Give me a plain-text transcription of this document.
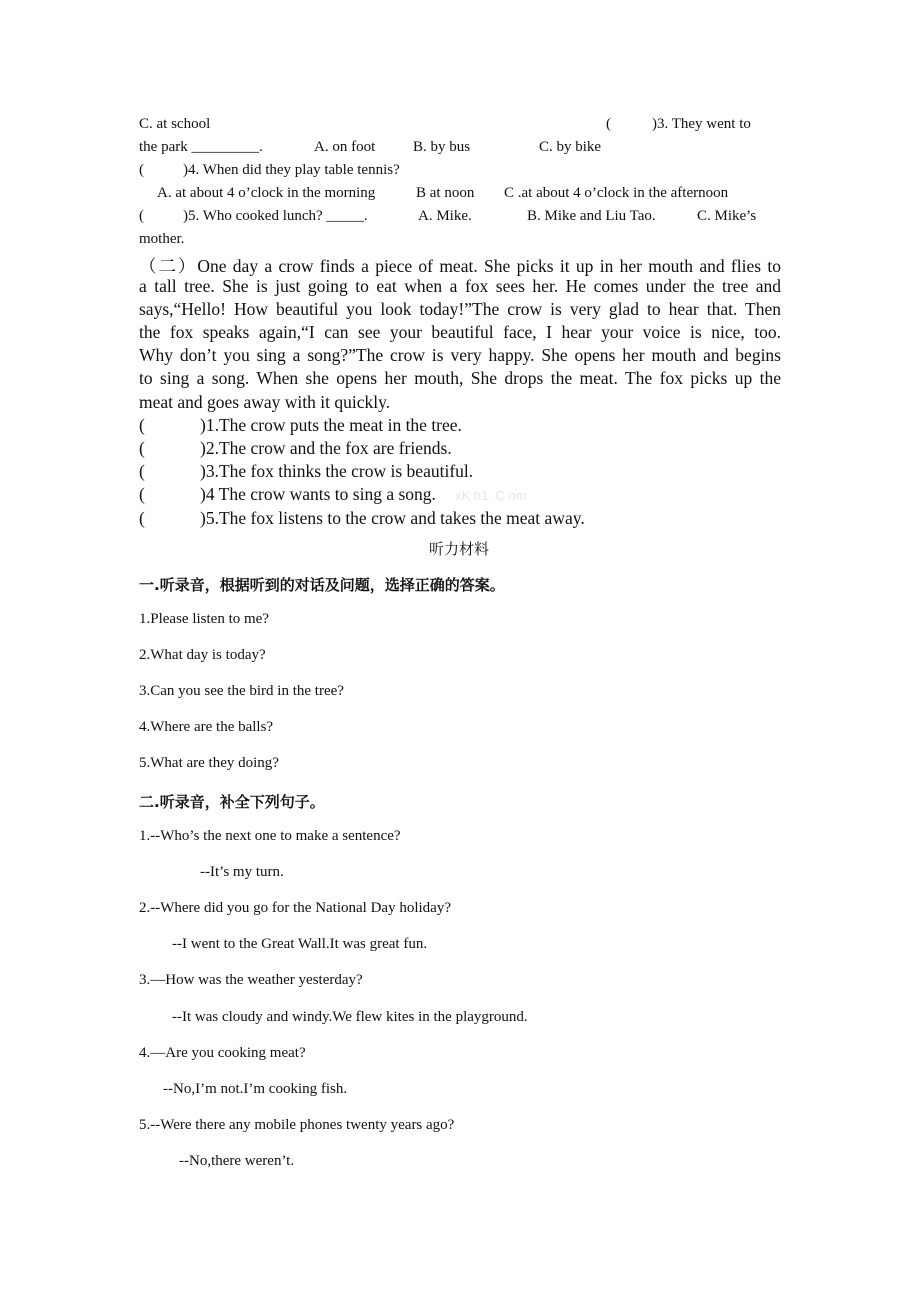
C. at school	(	)3. They went to
the park _________.	A. on foot	B. by bus	C. by bike
(	)4. When did they play table tennis?
A. at about 4 o’clock in the morning	B at noon C .at about 4 o’clock in the afternoon
(	)5. Who cooked lunch? _____.	A. Mike.	B. Mike and Liu Tao.	C. Mike’s
mother.
（二）One day a crow finds a piece of meat. She picks it up in her mouth and flies to
a tall tree. She is just going to eat when a fox sees her. He comes under the tree and
says,“Hello! How beautiful you look today!”The crow is very glad to hear that. Then
the fox speaks again,“I can see your beautiful face, I hear your voice is nice, too.
Why don’t you sing a song?”The crow is very happy. She opens her mouth and begins
to sing a song. When she opens her mouth, She drops the meat. The fox picks up the
meat and goes away with it quickly.
(	)1.The crow puts the meat in the tree.
(	)2.The crow and the fox are friends.
(	)3.The fox thinks the crow is beautiful.
(	)4 The crow wants to sing a song. xK b1. C om
(	)5.The fox listens to the crow and takes the meat away.
听力材料
一.听录音，根据听到的对话及问题，选择正确的答案。
1.Please listen to me?
2.What day is today?
3.Can you see the bird in the tree?
4.Where are the balls?
5.What are they doing?
二.听录音，补全下列句子。
1.--Who’s the next one to make a sentence?
--It’s my turn.
2.--Where did you go for the National Day holiday?
--I went to the Great Wall.It was great fun.
3.—How was the weather yesterday?
--It was cloudy and windy.We flew kites in the playground.
4.—Are you cooking meat?
--No,I’m not.I’m cooking fish.
5.--Were there any mobile phones twenty years ago?
--No,there weren’t.
